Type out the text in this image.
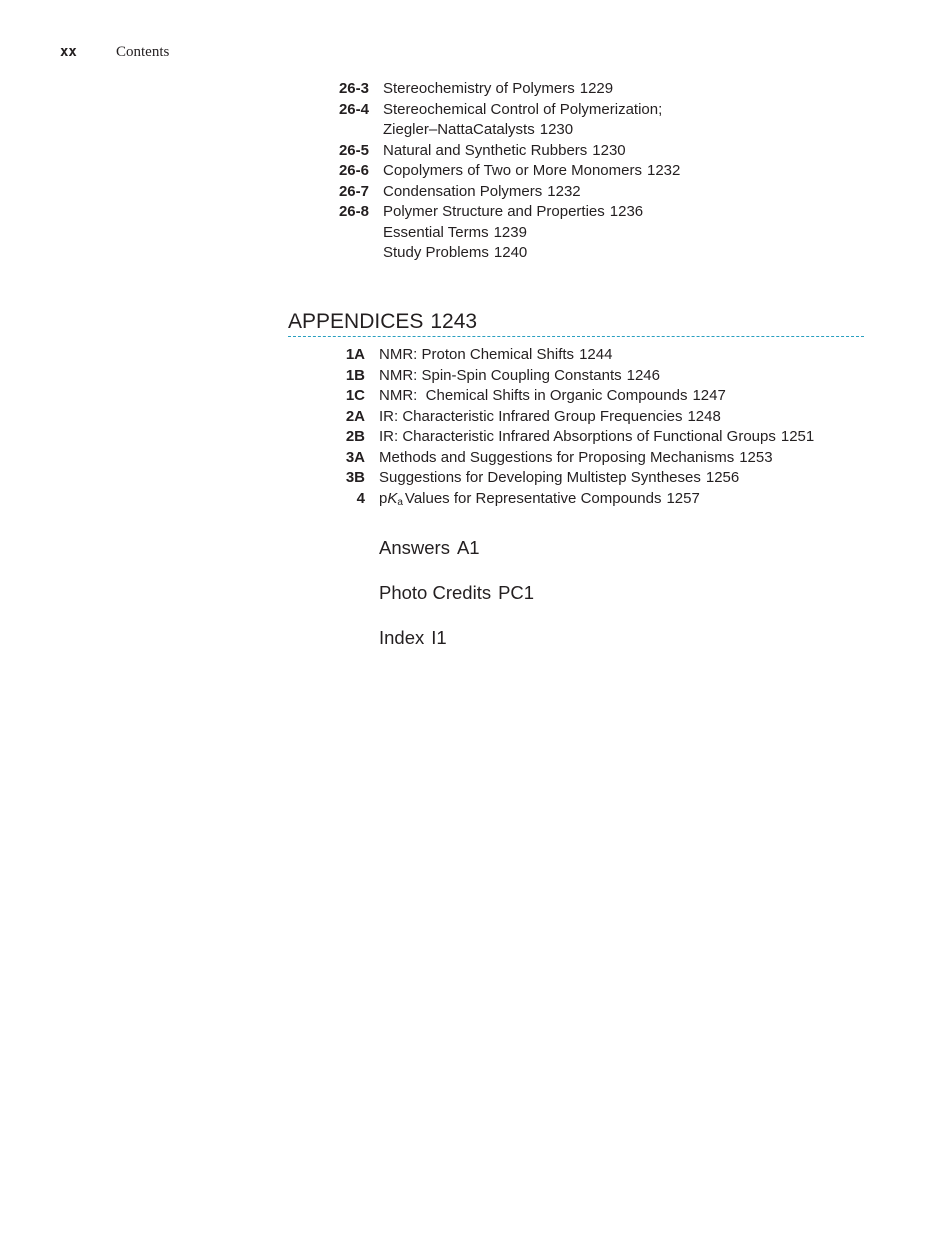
xx	Contents
26-3 Stereochemistry of Polymers 1229
26-4 Stereochemical Control of Polymerization;
Ziegler–NattaCatalysts 1230
26-5 Natural and Synthetic Rubbers 1230
26-6 Copolymers of Two or More Monomers 1232
26-7 Condensation Polymers 1232
26-8 Polymer Structure and Properties 1236
Essential Terms 1239
Study Problems 1240
APPENDICES 1243
1A NMR: Proton Chemical Shifts 1244
1B NMR: Spin-Spin Coupling Constants 1246
1C NMR:  Chemical Shifts in Organic Compounds 1247
2A IR: Characteristic Infrared Group Frequencies 1248
2B IR: Characteristic Infrared Absorptions of Functional Groups 1251
3A Methods and Suggestions for Proposing Mechanisms 1253
3B Suggestions for Developing Multistep Syntheses 1256
4 pKa Values for Representative Compounds 1257
Answers A1
Photo Credits PC1
Index I1
